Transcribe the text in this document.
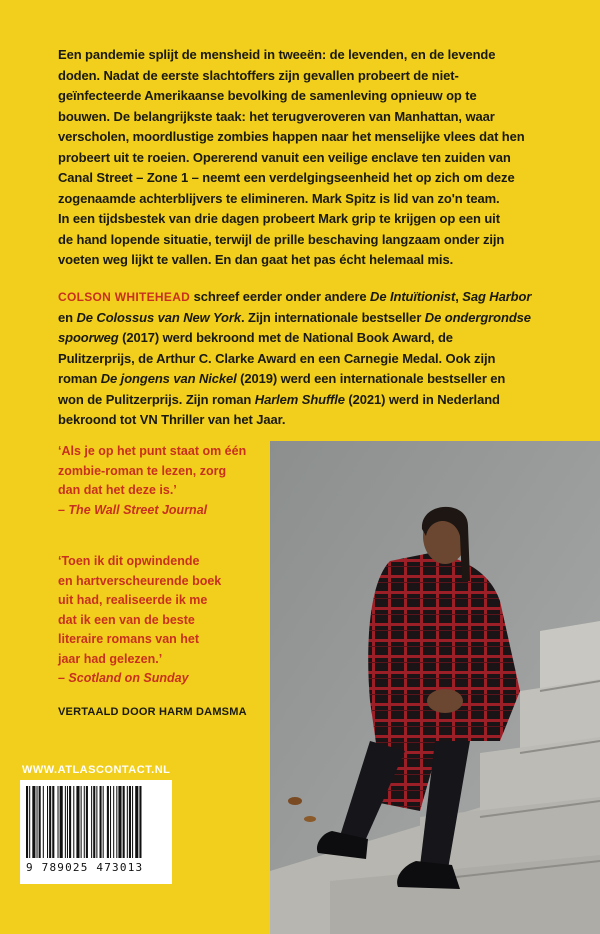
Een pandemie splijt de mensheid in tweeën: de levenden, en de levende
doden. Nadat de eerste slachtoffers zijn gevallen probeert de niet-
geïnfecteerde Amerikaanse bevolking de samenleving opnieuw op te
bouwen. De belangrijkste taak: het terugveroveren van Manhattan, waar
verscholen, moordlustige zombies happen naar het menselijke vlees dat hen
probeert uit te roeien. Opererend vanuit een veilige enclave ten zuiden van
Canal Street – Zone 1 – neemt een verdelgingseenheid het op zich om deze
zogenaamde achterblijvers te elimineren. Mark Spitz is lid van zo'n team.
In een tijdsbestek van drie dagen probeert Mark grip te krijgen op een uit
de hand lopende situatie, terwijl de prille beschaving langzaam onder zijn
voeten weg lijkt te vallen. En dan gaat het pas écht helemaal mis.
COLSON WHITEHEAD schreef eerder onder andere De Intuïtionist, Sag Harbor
en De Colossus van New York. Zijn internationale bestseller De ondergrondse
spoorweg (2017) werd bekroond met de National Book Award, de
Pulitzerprijs, de Arthur C. Clarke Award en een Carnegie Medal. Ook zijn
roman De jongens van Nickel (2019) werd een internationale bestseller en
won de Pulitzerprijs. Zijn roman Harlem Shuffle (2021) werd in Nederland
bekroond tot VN Thriller van het Jaar.
‘Als je op het punt staat om één
zombie-roman te lezen, zorg
dan dat het deze is.’
– The Wall Street Journal
‘Toen ik dit opwindende
en hartverscheurende boek
uit had, realiseerde ik me
dat ik een van de beste
literaire romans van het
jaar had gelezen.’
– Scotland on Sunday
VERTAALD DOOR HARM DAMSMA
WWW.ATLASCONTACT.NL
9 789025 473013
